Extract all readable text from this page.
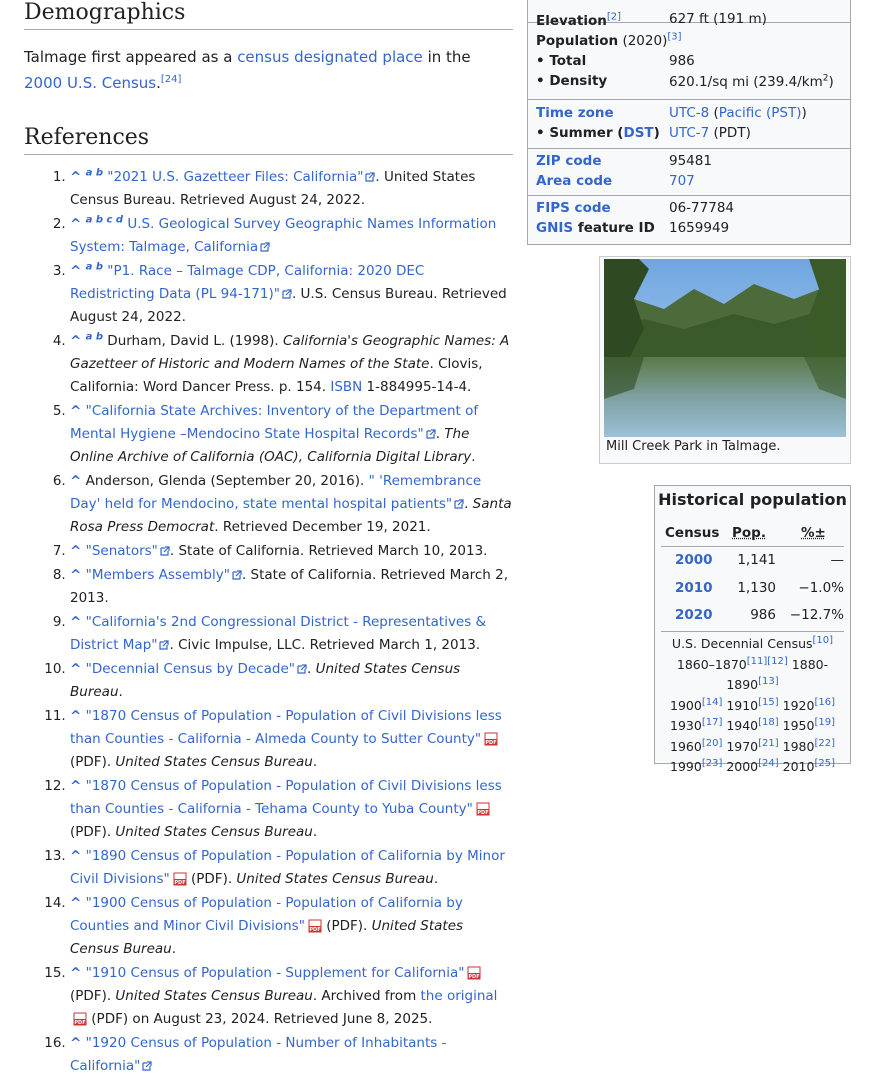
Demographics

Talmage first appeared as a census designated place in the 2000 U.S. Census.[24]

References
1. ^ $^{a b}$ "2021 U.S. Gazetteer Files: California" . United States Census Bureau. Retrieved August 24, 2022.
2. ^ $^{a b c d}$ U.S. Geological Survey Geographic Names Information System: Talmage, California
3. ^ $^{a b}$ "P1. Race – Talmage CDP, California: 2020 DEC Redistricting Data (PL 94-171)" . U.S. Census Bureau. Retrieved August 24, 2022.
4. ^ $^{a b}$ Durham, David L. (1998). California's Geographic Names: A Gazetteer of Historic and Modern Names of the State. Clovis, California: Word Dancer Press. p. 154. ISBN 1-884995-14-4.
5. ^ "California State Archives: Inventory of the Department of Mental Hygiene –Mendocino State Hospital Records" . The Online Archive of California (OAC), California Digital Library.
6. ^ Anderson, Glenda (September 20, 2016). " 'Remembrance Day' held for Mendocino, state mental hospital patients" . Santa Rosa Press Democrat. Retrieved December 19, 2021.
7. ^ "Senators" . State of California. Retrieved March 10, 2013.
8. ^ "Members Assembly" . State of California. Retrieved March 2, 2013.
9. ^ "California's 2nd Congressional District - Representatives & District Map" . Civic Impulse, LLC. Retrieved March 1, 2013.
10. ^ "Decennial Census by Decade" . United States Census Bureau.
11. ^ "1870 Census of Population - Population of Civil Divisions less than Counties - California - Almeda County to Sutter County" PDF
(PDF). United States Census Bureau.
12. ^ "1870 Census of Population - Population of Civil Divisions less than Counties - California - Tehama County to Yuba County" PDF
(PDF). United States Census Bureau.
13. ^ "1890 Census of Population - Population of California by Minor Civil Divisions" PDF (PDF). United States Census Bureau.
14. ^ "1900 Census of Population - Population of California by Counties and Minor Civil Divisions" PDF (PDF). United States Census Bureau.
15. ^ "1910 Census of Population - Supplement for California" PDF
(PDF). United States Census Bureau. Archived from the original
PDF (PDF) on August 23, 2024. Retrieved June 8, 2025.
16. ^ "1920 Census of Population - Number of Inhabitants - California"
Elevation[2]	627 ft (191 m)
Population (2020)[3]
• Total	986
• Density	620.1/sq mi $(239.4/km^2)$
Time zone	UTC-8 (Pacific (PST))
• Summer (DST) UTC-7 (PDT)
ZIP code	95481
Area code	707
FIPS code	06-77784
GNIS feature ID 1659949
Mill Creek Park in Talmage.
Historical population
Census Pop.	%±
2000 1,141	—
2010 1,130 −1.0%
2020	986 −12.7%
U.S. Decennial Census[10]
1860–1870[11][12] 1880-1890[13]
1900[14] 1910[15] 1920[16]
1930[17] 1940[18] 1950[19]
1960[20] 1970[21] 1980[22]
1990[23] 2000[24] 2010[25]
